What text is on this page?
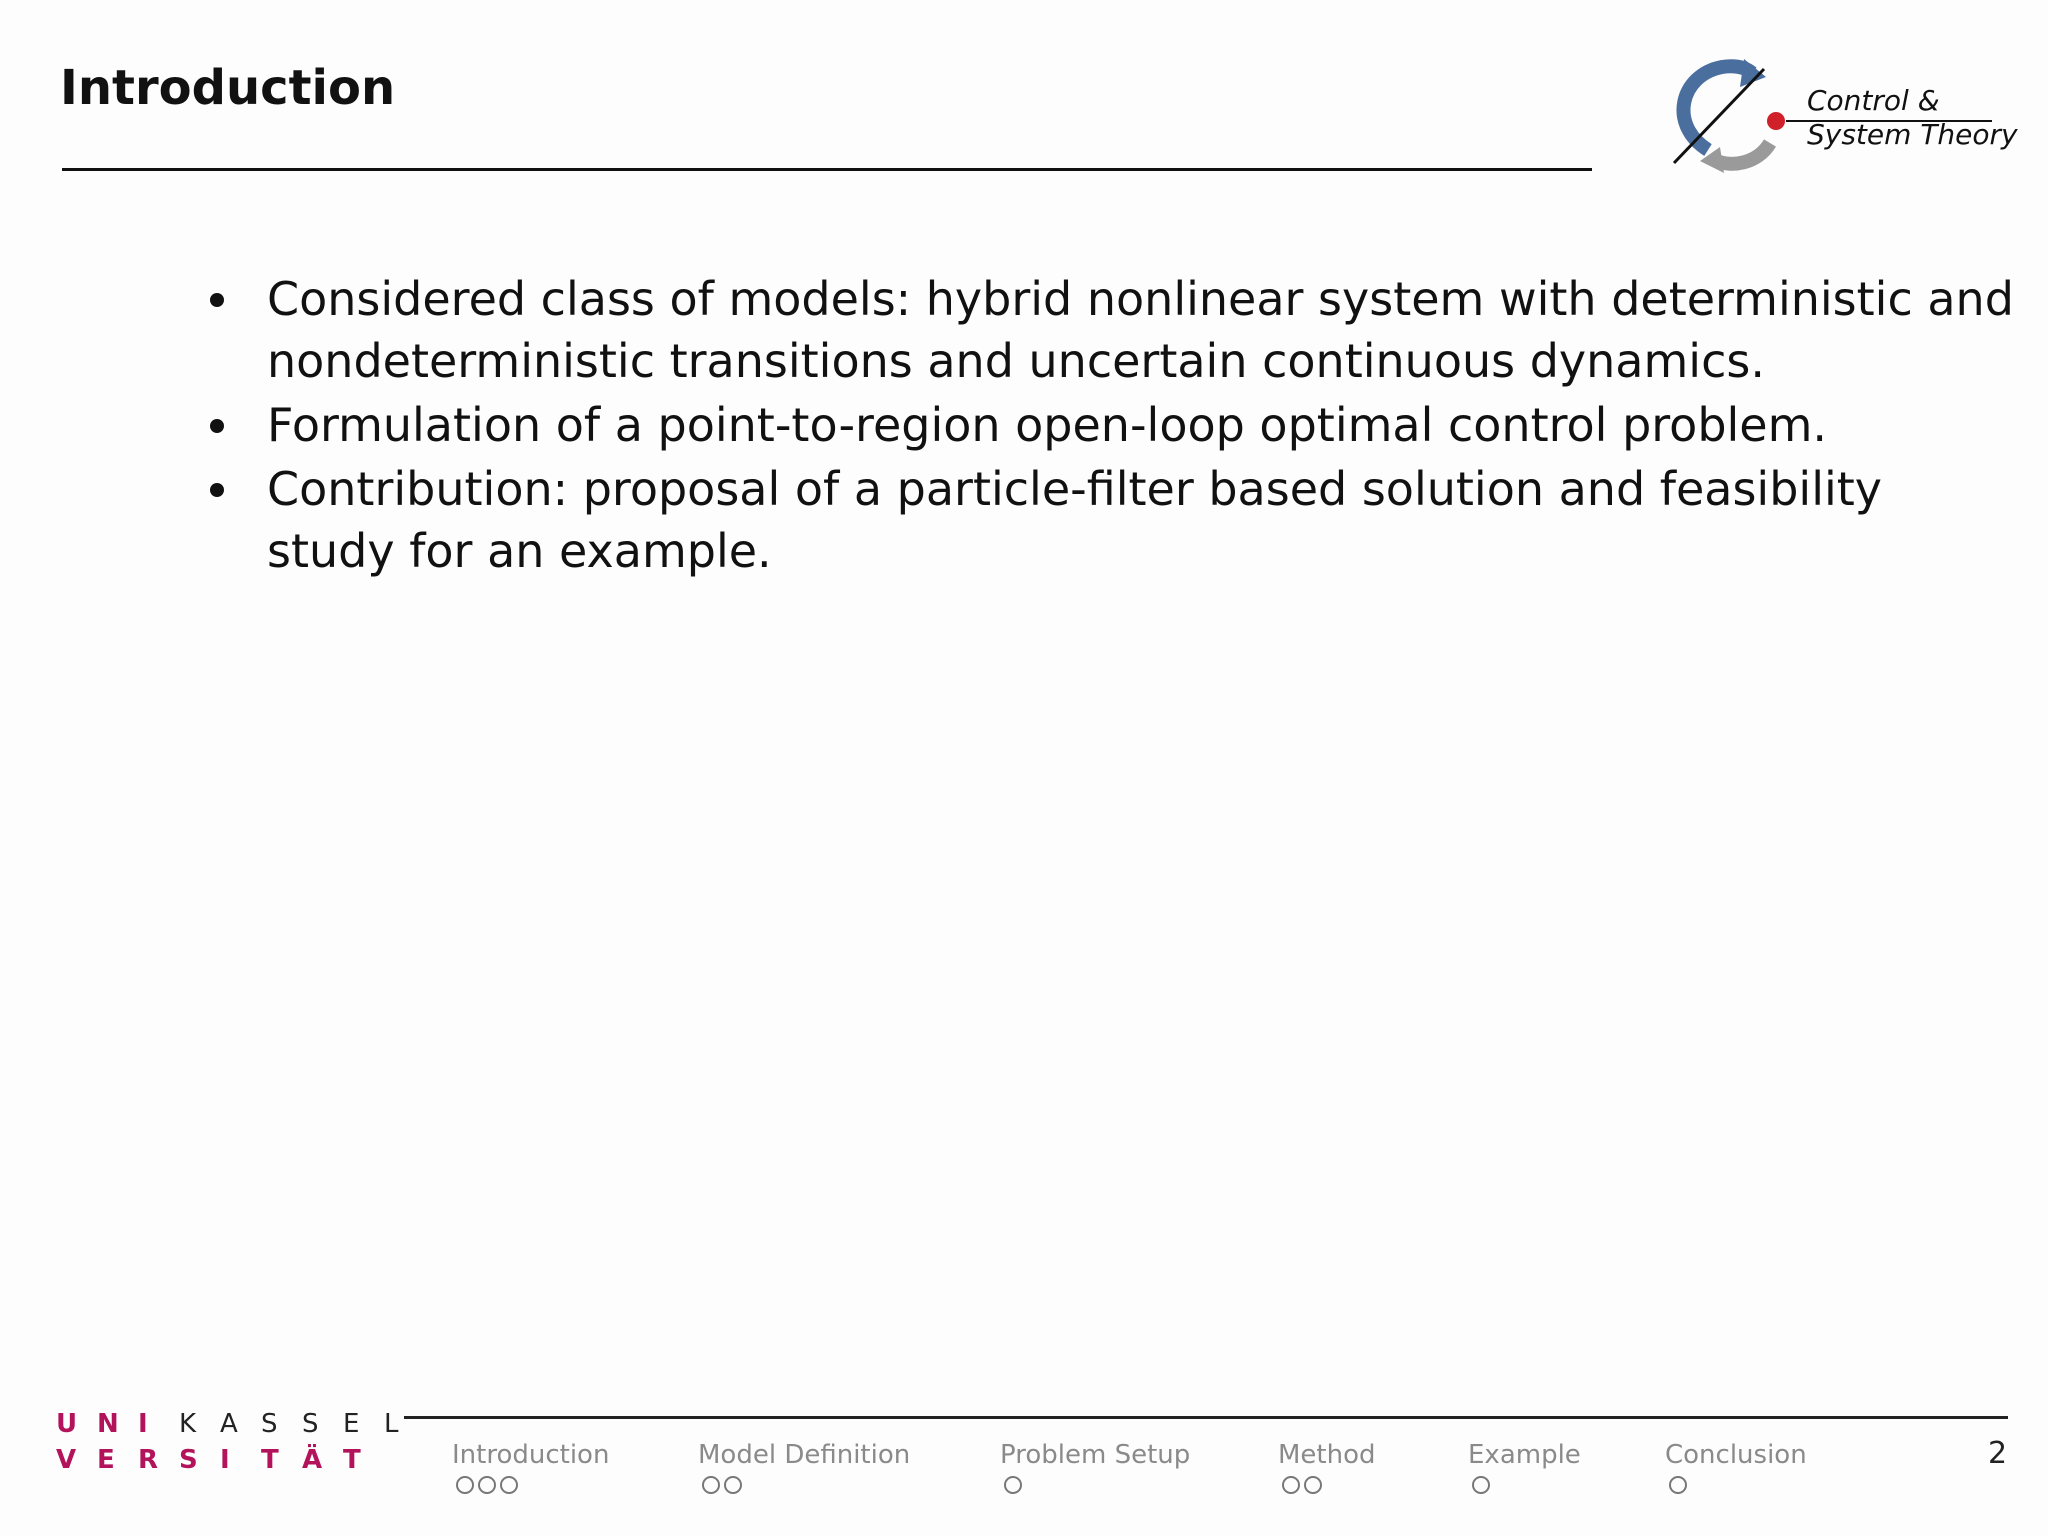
Introduction	Control &
System Theory
Considered class of models: hybrid nonlinear system with deterministic and
nondeterministic transitions and uncertain continuous dynamics.
Formulation of a point-to-region open-loop optimal control problem.
Contribution: proposal of a particle-filter based solution and feasibility
study for an example.
U N I	K A S S E L
V E R S I	T Ä T	Introduction	Model Definition	Problem Setup	Method	Example	Conclusion	2
